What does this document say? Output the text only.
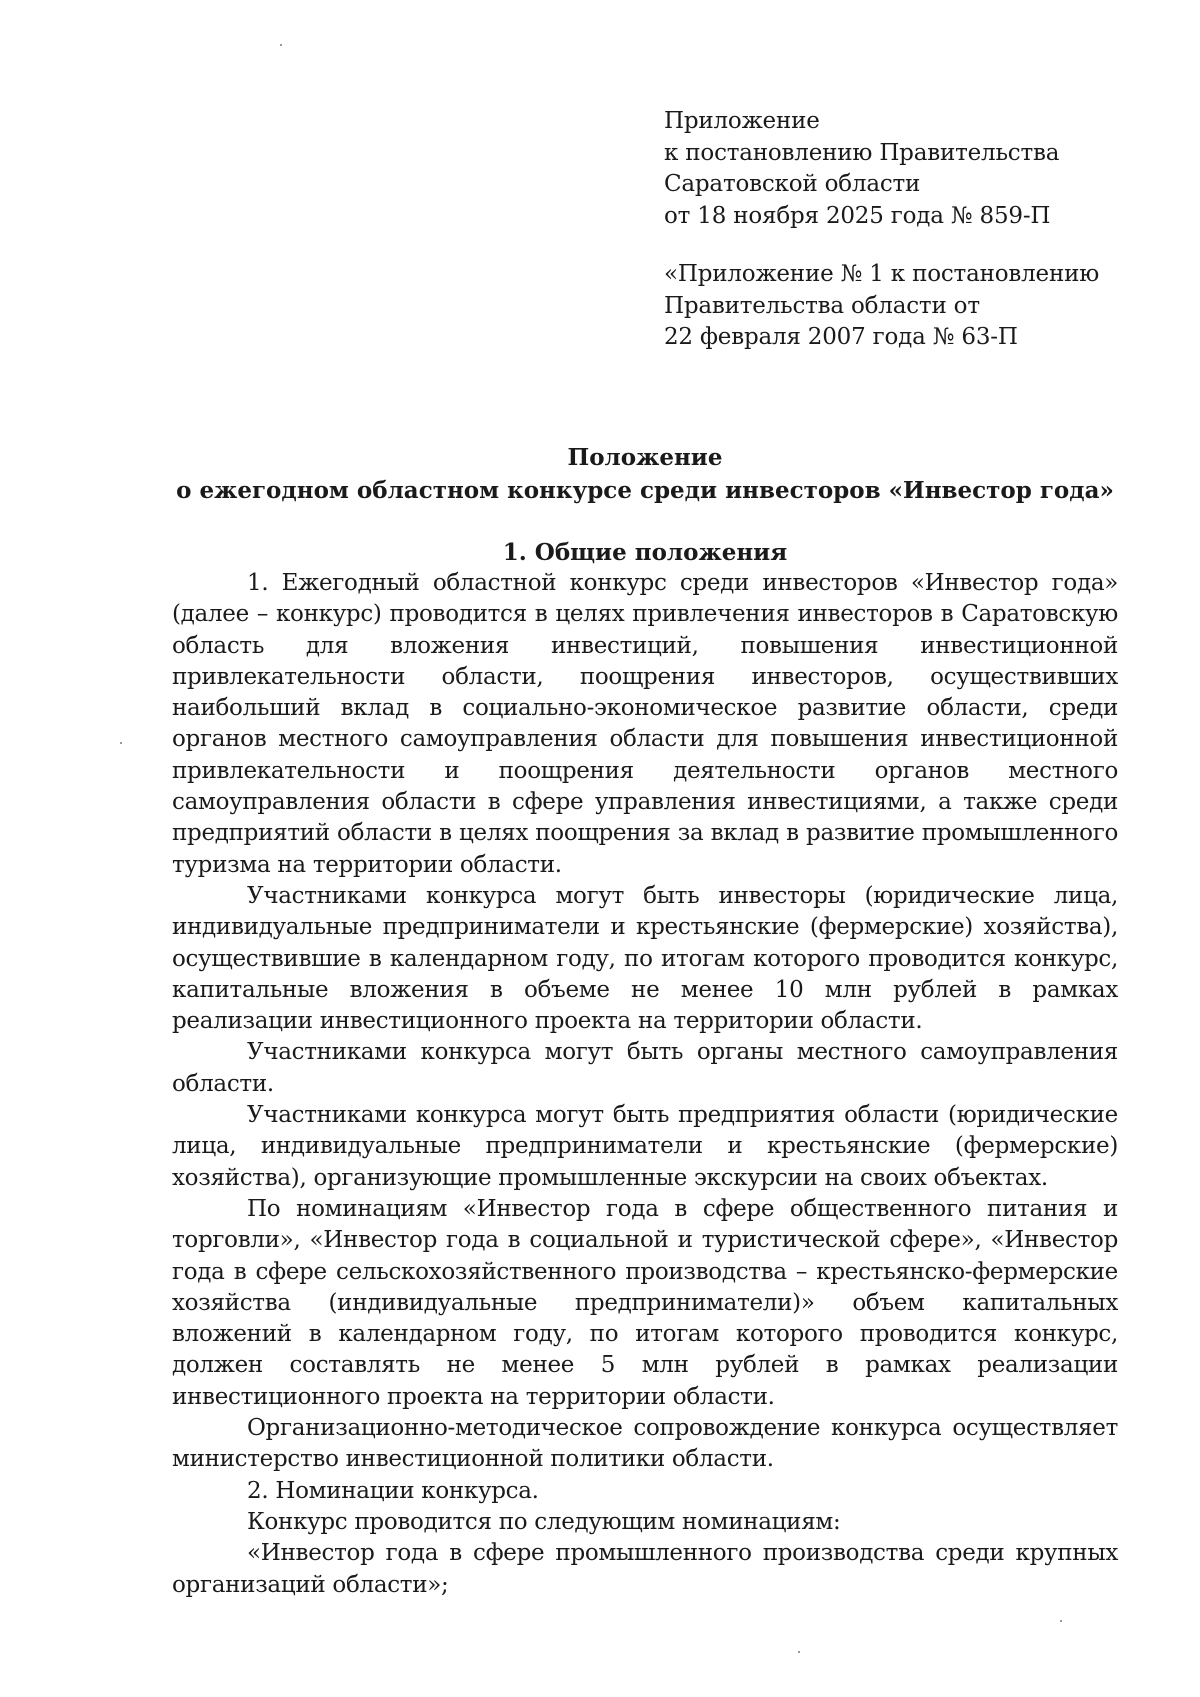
Приложение
к постановлению Правительства
Саратовской области
от 18 ноября 2025 года № 859-П
«Приложение № 1 к постановлению
Правительства области от
22 февраля 2007 года № 63-П
Положение
о ежегодном областном конкурсе среди инвесторов «Инвестор года»
1. Общие положения

1. Ежегодный областной конкурс среди инвесторов «Инвестор года» (далее – конкурс) проводится в целях привлечения инвесторов в Саратовскую область для вложения инвестиций, повышения инвестиционной привлекательности области, поощрения инвесторов, осуществивших наибольший вклад в социально-экономическое развитие области, среди органов местного самоуправления области для повышения инвестиционной привлекательности и поощрения деятельности органов местного самоуправления области в сфере управления инвестициями, а также среди предприятий области в целях поощрения за вклад в развитие промышленного туризма на территории области.

Участниками конкурса могут быть инвесторы (юридические лица, индивидуальные предприниматели и крестьянские (фермерские) хозяйства), осуществившие в календарном году, по итогам которого проводится конкурс, капитальные вложения в объеме не менее 10 млн рублей в рамках реализации инвестиционного проекта на территории области.

Участниками конкурса могут быть органы местного самоуправления области.

Участниками конкурса могут быть предприятия области (юридические лица, индивидуальные предприниматели и крестьянские (фермерские) хозяйства), организующие промышленные экскурсии на своих объектах.

По номинациям «Инвестор года в сфере общественного питания и торговли», «Инвестор года в социальной и туристической сфере», «Инвестор года в сфере сельскохозяйственного производства – крестьянско-фермерские хозяйства (индивидуальные предприниматели)» объем капитальных вложений в календарном году, по итогам которого проводится конкурс, должен составлять не менее 5 млн рублей в рамках реализации инвестиционного проекта на территории области.

Организационно-методическое сопровождение конкурса осуществляет министерство инвестиционной политики области.

2. Номинации конкурса.

Конкурс проводится по следующим номинациям:

«Инвестор года в сфере промышленного производства среди крупных организаций области»;
